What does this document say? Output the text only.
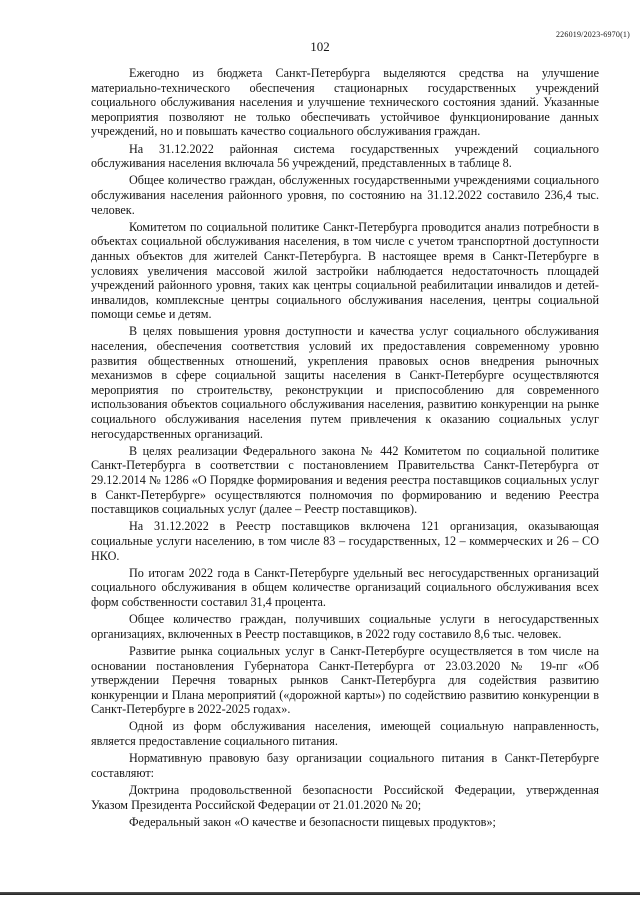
226019/2023-6970(1)
102

Ежегодно из бюджета Санкт-Петербурга выделяются средства на улучшение материально-технического обеспечения стационарных государственных учреждений социального обслуживания населения и улучшение технического состояния зданий. Указанные мероприятия позволяют не только обеспечивать устойчивое функционирование данных учреждений, но и повышать качество социального обслуживания граждан.

На 31.12.2022 районная система государственных учреждений социального обслуживания населения включала 56 учреждений, представленных в таблице 8.

Общее количество граждан, обслуженных государственными учреждениями социального обслуживания населения районного уровня, по состоянию на 31.12.2022 составило 236,4 тыс. человек.

Комитетом по социальной политике Санкт-Петербурга проводится анализ потребности в объектах социальной обслуживания населения, в том числе с учетом транспортной доступности данных объектов для жителей Санкт-Петербурга. В настоящее время в Санкт-Петербурге в условиях увеличения массовой жилой застройки наблюдается недостаточность площадей учреждений районного уровня, таких как центры социальной реабилитации инвалидов и детей-инвалидов, комплексные центры социального обслуживания населения, центры социальной помощи семье и детям.

В целях повышения уровня доступности и качества услуг социального обслуживания населения, обеспечения соответствия условий их предоставления современному уровню развития общественных отношений, укрепления правовых основ внедрения рыночных механизмов в сфере социальной защиты населения в Санкт-Петербурге осуществляются мероприятия по строительству, реконструкции и приспособлению для современного использования объектов социального обслуживания населения, развитию конкуренции на рынке социального обслуживания населения путем привлечения к оказанию социальных услуг негосударственных организаций.

В целях реализации Федерального закона № 442 Комитетом по социальной политике Санкт-Петербурга в соответствии с постановлением Правительства Санкт-Петербурга от 29.12.2014 № 1286 «О Порядке формирования и ведения реестра поставщиков социальных услуг в Санкт-Петербурге» осуществляются полномочия по формированию и ведению Реестра поставщиков социальных услуг (далее – Реестр поставщиков).

На 31.12.2022 в Реестр поставщиков включена 121 организация, оказывающая социальные услуги населению, в том числе 83 – государственных, 12 – коммерческих и 26 – СО НКО.

По итогам 2022 года в Санкт-Петербурге удельный вес негосударственных организаций социального обслуживания в общем количестве организаций социального обслуживания всех форм собственности составил 31,4 процента.

Общее количество граждан, получивших социальные услуги в негосударственных организациях, включенных в Реестр поставщиков, в 2022 году составило 8,6 тыс. человек.

Развитие рынка социальных услуг в Санкт-Петербурге осуществляется в том числе на основании постановления Губернатора Санкт-Петербурга от 23.03.2020 № 19-пг «Об утверждении Перечня товарных рынков Санкт-Петербурга для содействия развитию конкуренции и Плана мероприятий («дорожной карты») по содействию развитию конкуренции в Санкт-Петербурге в 2022-2025 годах».

Одной из форм обслуживания населения, имеющей социальную направленность, является предоставление социального питания.

Нормативную правовую базу организации социального питания в Санкт-Петербурге составляют:

Доктрина продовольственной безопасности Российской Федерации, утвержденная Указом Президента Российской Федерации от 21.01.2020 № 20;

Федеральный закон «О качестве и безопасности пищевых продуктов»;
